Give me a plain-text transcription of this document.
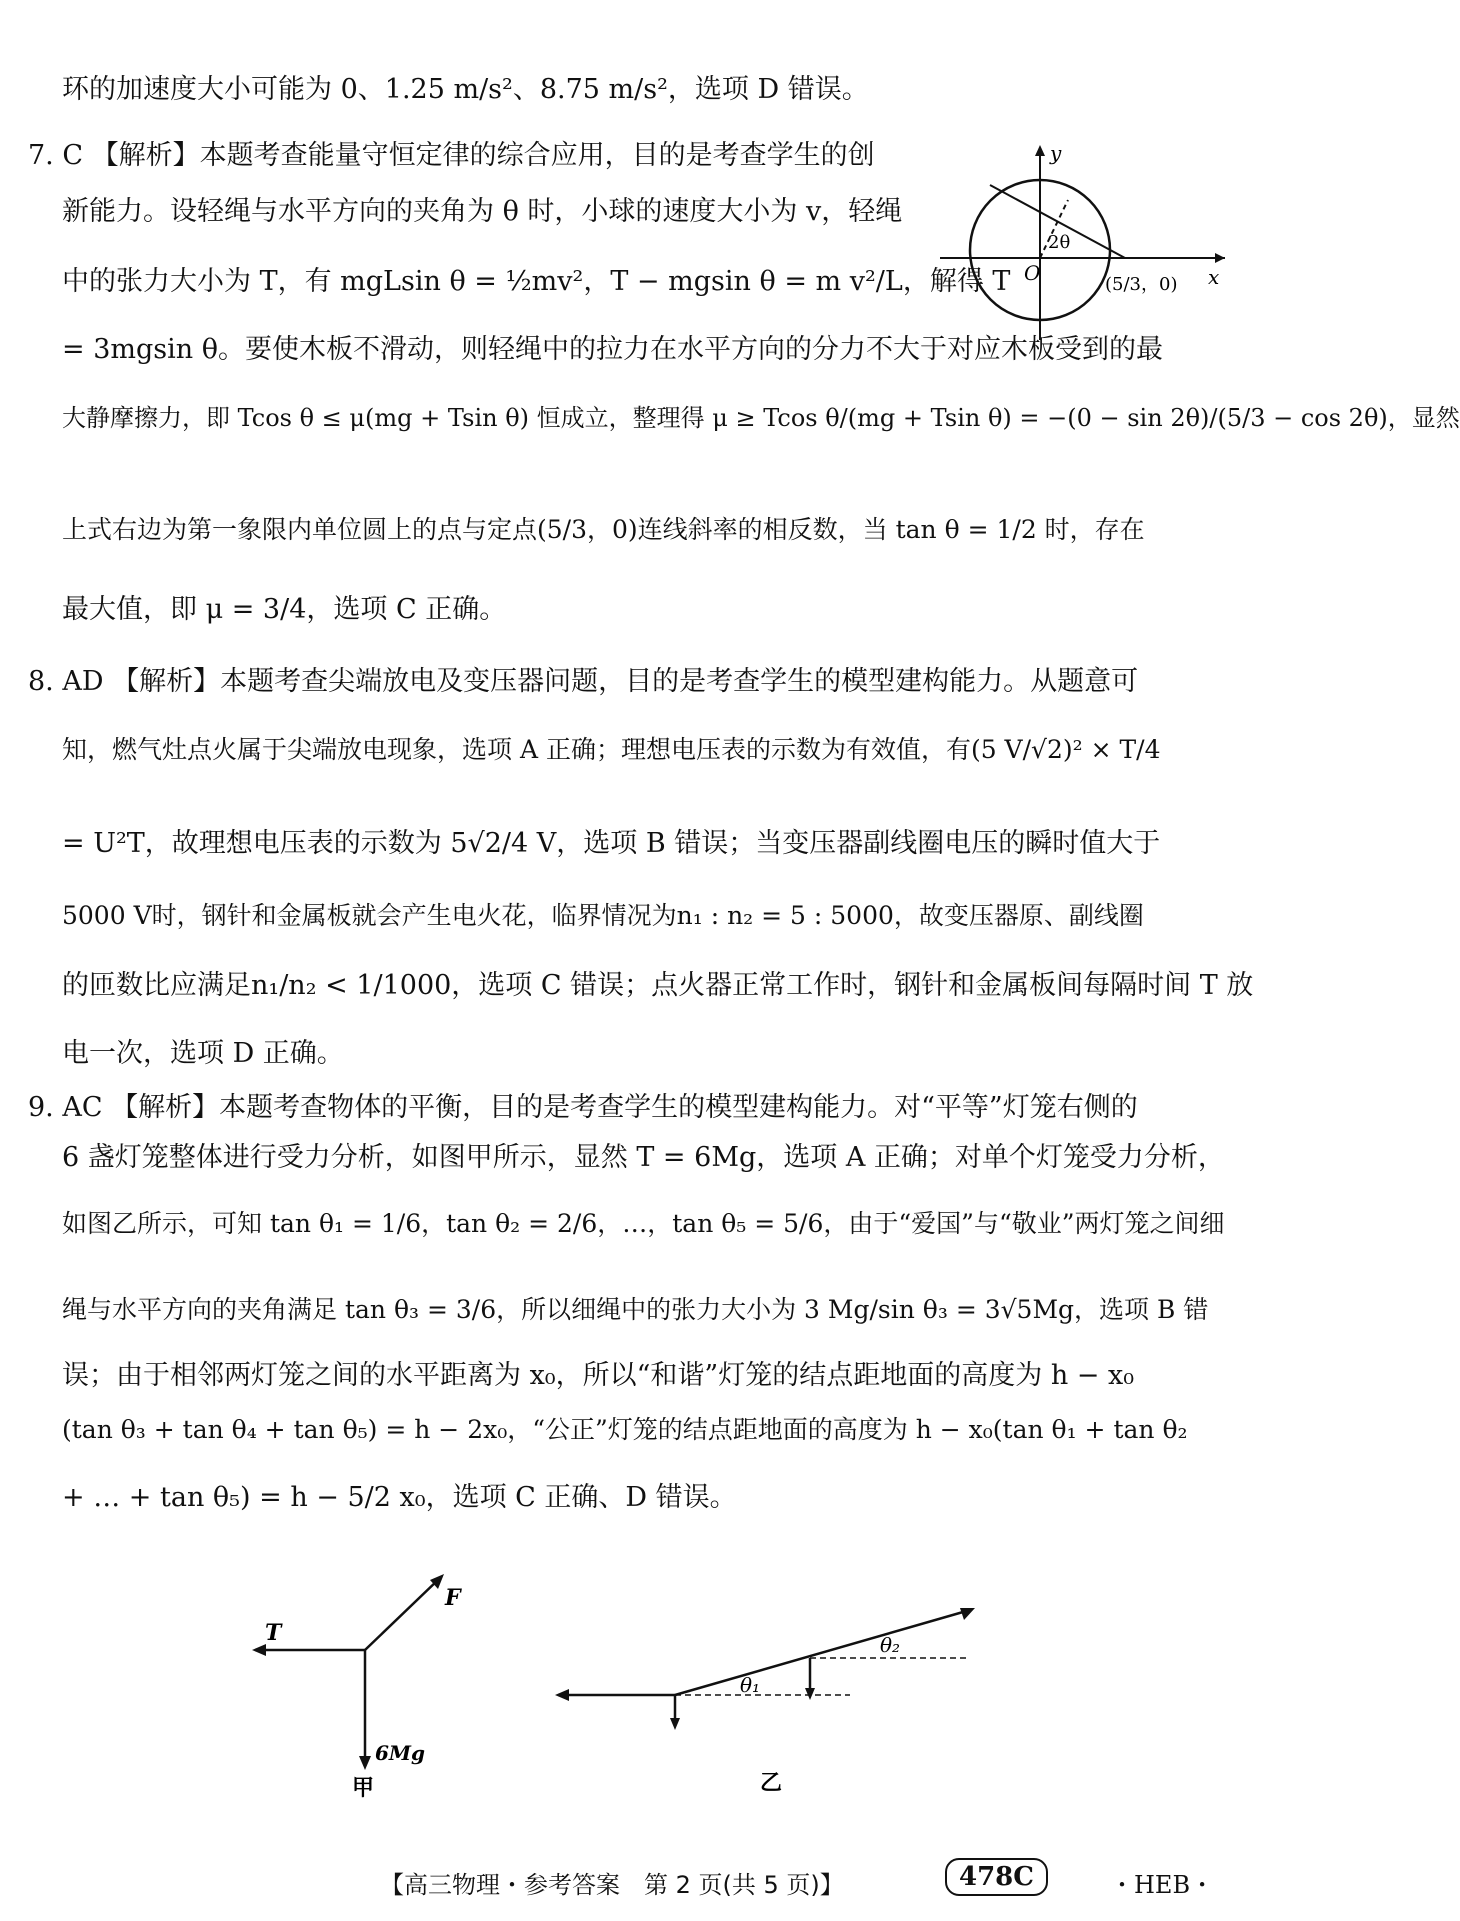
环的加速度大小可能为 0、1.25 m/s²、8.75 m/s²，选项 D 错误。
7. C 【解析】本题考查能量守恒定律的综合应用，目的是考查学生的创
新能力。设轻绳与水平方向的夹角为 θ 时，小球的速度大小为 v，轻绳
中的张力大小为 T，有 mgLsin θ = ½mv²，T − mgsin θ = m v²/L，解得 T
= 3mgsin θ。要使木板不滑动，则轻绳中的拉力在水平方向的分力不大于对应木板受到的最
大静摩擦力，即 Tcos θ ≤ μ(mg + Tsin θ) 恒成立，整理得 μ ≥ Tcos θ/(mg + Tsin θ) = −(0 − sin 2θ)/(5/3 − cos 2θ)，显然
上式右边为第一象限内单位圆上的点与定点(5/3，0)连线斜率的相反数，当 tan θ = 1/2 时，存在
最大值，即 μ = 3/4，选项 C 正确。
8. AD 【解析】本题考查尖端放电及变压器问题，目的是考查学生的模型建构能力。从题意可
知，燃气灶点火属于尖端放电现象，选项 A 正确；理想电压表的示数为有效值，有(5 V/√2)² × T/4
= U²T，故理想电压表的示数为 5√2/4 V，选项 B 错误；当变压器副线圈电压的瞬时值大于
5000 V时，钢针和金属板就会产生电火花，临界情况为n₁ : n₂ = 5 : 5000，故变压器原、副线圈
的匝数比应满足n₁/n₂ < 1/1000，选项 C 错误；点火器正常工作时，钢针和金属板间每隔时间 T 放
电一次，选项 D 正确。
9. AC 【解析】本题考查物体的平衡，目的是考查学生的模型建构能力。对“平等”灯笼右侧的
6 盏灯笼整体进行受力分析，如图甲所示，显然 T = 6Mg，选项 A 正确；对单个灯笼受力分析，
如图乙所示，可知 tan θ₁ = 1/6，tan θ₂ = 2/6，…，tan θ₅ = 5/6，由于“爱国”与“敬业”两灯笼之间细
绳与水平方向的夹角满足 tan θ₃ = 3/6，所以细绳中的张力大小为 3 Mg/sin θ₃ = 3√5Mg，选项 B 错
误；由于相邻两灯笼之间的水平距离为 x₀，所以“和谐”灯笼的结点距地面的高度为 h − x₀
(tan θ₃ + tan θ₄ + tan θ₅) = h − 2x₀，“公正”灯笼的结点距地面的高度为 h − x₀(tan θ₁ + tan θ₂
+ … + tan θ₅) = h − 5/2 x₀，选项 C 正确、D 错误。
y
x
O
2θ
(5/3，0)
T
F
6Mg
甲
θ₁
θ₂
乙
【高三物理・参考答案　第 2 页(共 5 页)】	478C	・HEB・
